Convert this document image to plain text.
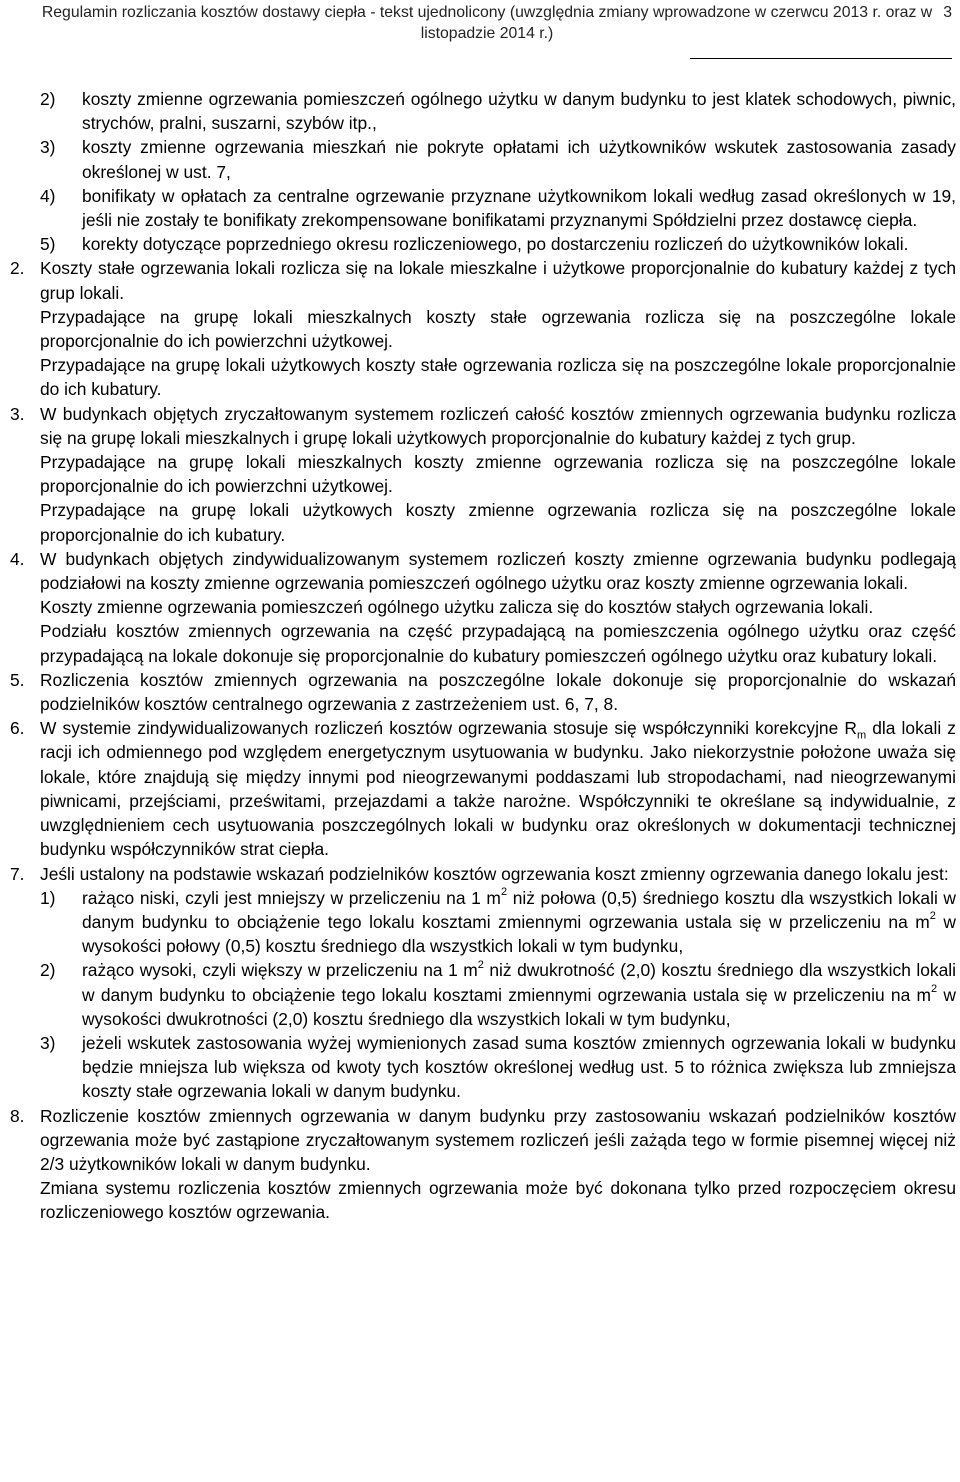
Regulamin rozliczania kosztów dostawy ciepła - tekst ujednolicony (uwzględnia zmiany wprowadzone w czerwcu 2013 r. oraz w listopadzie 2014 r.)
3

2) koszty zmienne ogrzewania pomieszczeń ogólnego użytku w danym budynku to jest klatek schodowych, piwnic, strychów, pralni, suszarni, szybów itp.,

3) koszty zmienne ogrzewania mieszkań nie pokryte opłatami ich użytkowników wskutek zastosowania zasady określonej w ust. 7,

4) bonifikaty w opłatach za centralne ogrzewanie przyznane użytkownikom lokali według zasad określonych w 19, jeśli nie zostały te bonifikaty zrekompensowane bonifikatami przyznanymi Spółdzielni przez dostawcę ciepła.

5) korekty dotyczące poprzedniego okresu rozliczeniowego, po dostarczeniu rozliczeń do użytkowników lokali.

2. Koszty stałe ogrzewania lokali rozlicza się na lokale mieszkalne i użytkowe proporcjonalnie do kubatury każdej z tych grup lokali.

Przypadające na grupę lokali mieszkalnych koszty stałe ogrzewania rozlicza się na poszczególne lokale proporcjonalnie do ich powierzchni użytkowej.

Przypadające na grupę lokali użytkowych koszty stałe ogrzewania rozlicza się na poszczególne lokale proporcjonalnie do ich kubatury.

3. W budynkach objętych zryczałtowanym systemem rozliczeń całość kosztów zmiennych ogrzewania budynku rozlicza się na grupę lokali mieszkalnych i grupę lokali użytkowych proporcjonalnie do kubatury każdej z tych grup.

Przypadające na grupę lokali mieszkalnych koszty zmienne ogrzewania rozlicza się na poszczególne lokale proporcjonalnie do ich powierzchni użytkowej.

Przypadające na grupę lokali użytkowych koszty zmienne ogrzewania rozlicza się na poszczególne lokale proporcjonalnie do ich kubatury.

4. W budynkach objętych zindywidualizowanym systemem rozliczeń koszty zmienne ogrzewania budynku podlegają podziałowi na koszty zmienne ogrzewania pomieszczeń ogólnego użytku oraz koszty zmienne ogrzewania lokali.

Koszty zmienne ogrzewania pomieszczeń ogólnego użytku zalicza się do kosztów stałych ogrzewania lokali.

Podziału kosztów zmiennych ogrzewania na część przypadającą na pomieszczenia ogólnego użytku oraz część przypadającą na lokale dokonuje się proporcjonalnie do kubatury pomieszczeń ogólnego użytku oraz kubatury lokali.

5. Rozliczenia kosztów zmiennych ogrzewania na poszczególne lokale dokonuje się proporcjonalnie do wskazań podzielników kosztów centralnego ogrzewania z zastrzeżeniem ust. 6, 7, 8.

6. W systemie zindywidualizowanych rozliczeń kosztów ogrzewania stosuje się współczynniki korekcyjne $R_m$ dla lokali z racji ich odmiennego pod względem energetycznym usytuowania w budynku. Jako niekorzystnie położone uważa się lokale, które znajdują się między innymi pod nieogrzewanymi poddaszami lub stropodachami, nad nieogrzewanymi piwnicami, przejściami, prześwitami, przejazdami a także narożne. Współczynniki te określane są indywidualnie, z uwzględnieniem cech usytuowania poszczególnych lokali w budynku oraz określonych w dokumentacji technicznej budynku współczynników strat ciepła.

7. Jeśli ustalony na podstawie wskazań podzielników kosztów ogrzewania koszt zmienny ogrzewania danego lokalu jest:

1) rażąco niski, czyli jest mniejszy w przeliczeniu na 1 $m^2$ niż połowa (0,5) średniego kosztu dla wszystkich lokali w danym budynku to obciążenie tego lokalu kosztami zmiennymi ogrzewania ustala się w przeliczeniu na $m^2$ w wysokości połowy (0,5) kosztu średniego dla wszystkich lokali w tym budynku,

2) rażąco wysoki, czyli większy w przeliczeniu na 1 $m^2$ niż dwukrotność (2,0) kosztu średniego dla wszystkich lokali w danym budynku to obciążenie tego lokalu kosztami zmiennymi ogrzewania ustala się w przeliczeniu na $m^2$ w wysokości dwukrotności (2,0) kosztu średniego dla wszystkich lokali w tym budynku,

3) jeżeli wskutek zastosowania wyżej wymienionych zasad suma kosztów zmiennych ogrzewania lokali w budynku będzie mniejsza lub większa od kwoty tych kosztów określonej według ust. 5 to różnica zwiększa lub zmniejsza koszty stałe ogrzewania lokali w danym budynku.

8. Rozliczenie kosztów zmiennych ogrzewania w danym budynku przy zastosowaniu wskazań podzielników kosztów ogrzewania może być zastąpione zryczałtowanym systemem rozliczeń jeśli zażąda tego w formie pisemnej więcej niż 2/3 użytkowników lokali w danym budynku.

Zmiana systemu rozliczenia kosztów zmiennych ogrzewania może być dokonana tylko przed rozpoczęciem okresu rozliczeniowego kosztów ogrzewania.
